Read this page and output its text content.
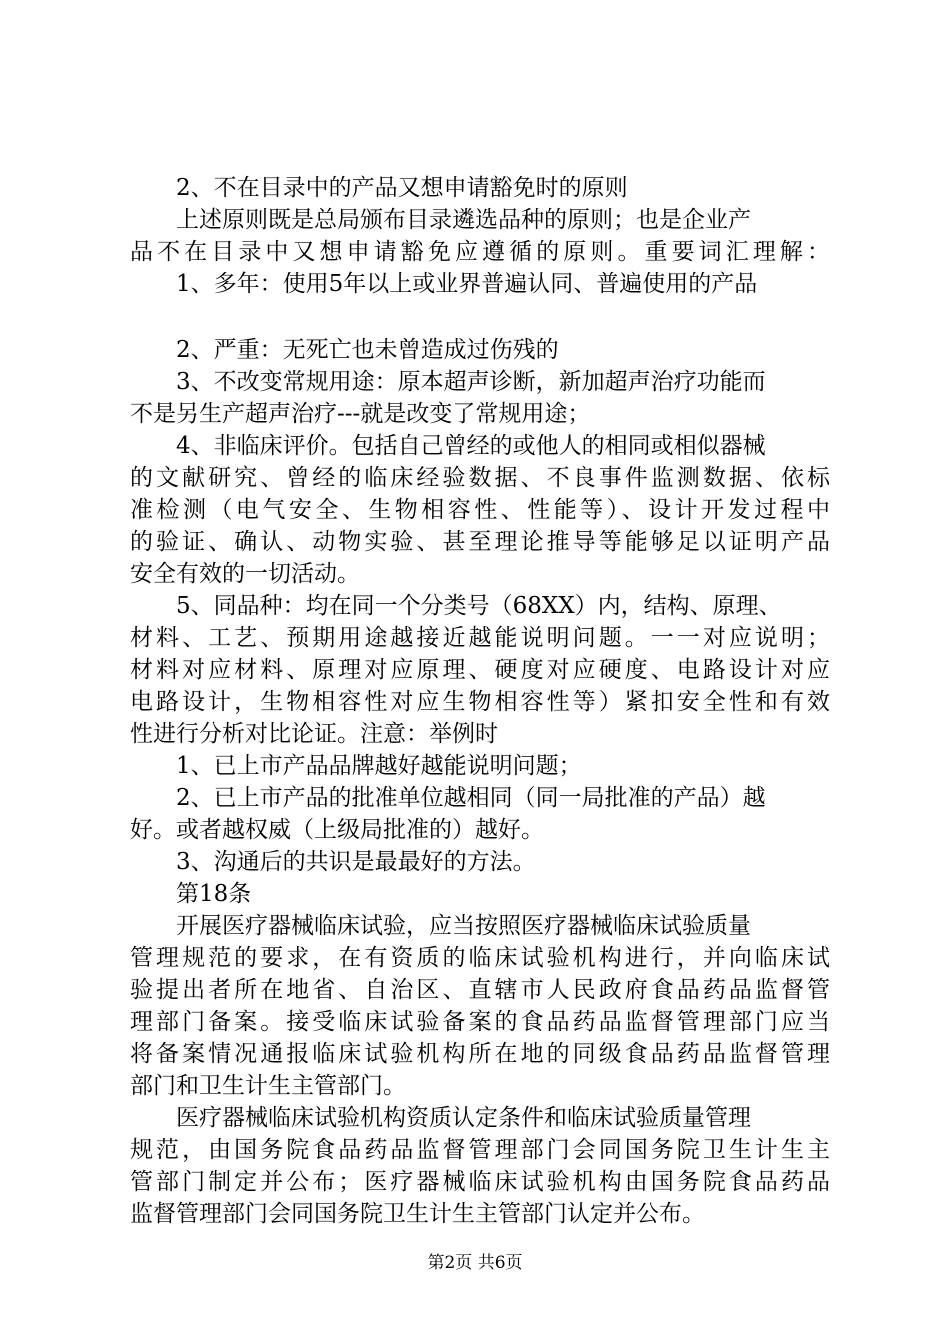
2、不在目录中的产品又想申请豁免时的原则
上述原则既是总局颁布目录遴选品种的原则；也是企业产
品不在目录中又想申请豁免应遵循的原则。重要词汇理解：
1、多年：使用5年以上或业界普遍认同、普遍使用的产品
2、严重：无死亡也未曾造成过伤残的
3、不改变常规用途：原本超声诊断，新加超声治疗功能而
不是另生产超声治疗---就是改变了常规用途；
4、非临床评价。包括自己曾经的或他人的相同或相似器械
的文献研究、曾经的临床经验数据、不良事件监测数据、依标
准检测（电气安全、生物相容性、性能等）、设计开发过程中
的验证、确认、动物实验、甚至理论推导等能够足以证明产品
安全有效的一切活动。
5、同品种：均在同一个分类号（68XX）内，结构、原理、
材料、工艺、预期用途越接近越能说明问题。一一对应说明；
材料对应材料、原理对应原理、硬度对应硬度、电路设计对应
电路设计，生物相容性对应生物相容性等）紧扣安全性和有效
性进行分析对比论证。注意：举例时
1、已上市产品品牌越好越能说明问题；
2、已上市产品的批准单位越相同（同一局批准的产品）越
好。或者越权威（上级局批准的）越好。
3、沟通后的共识是最最好的方法。
第18条
开展医疗器械临床试验，应当按照医疗器械临床试验质量
管理规范的要求，在有资质的临床试验机构进行，并向临床试
验提出者所在地省、自治区、直辖市人民政府食品药品监督管
理部门备案。接受临床试验备案的食品药品监督管理部门应当
将备案情况通报临床试验机构所在地的同级食品药品监督管理
部门和卫生计生主管部门。
医疗器械临床试验机构资质认定条件和临床试验质量管理
规范，由国务院食品药品监督管理部门会同国务院卫生计生主
管部门制定并公布；医疗器械临床试验机构由国务院食品药品
监督管理部门会同国务院卫生计生主管部门认定并公布。
第2页 共6页
